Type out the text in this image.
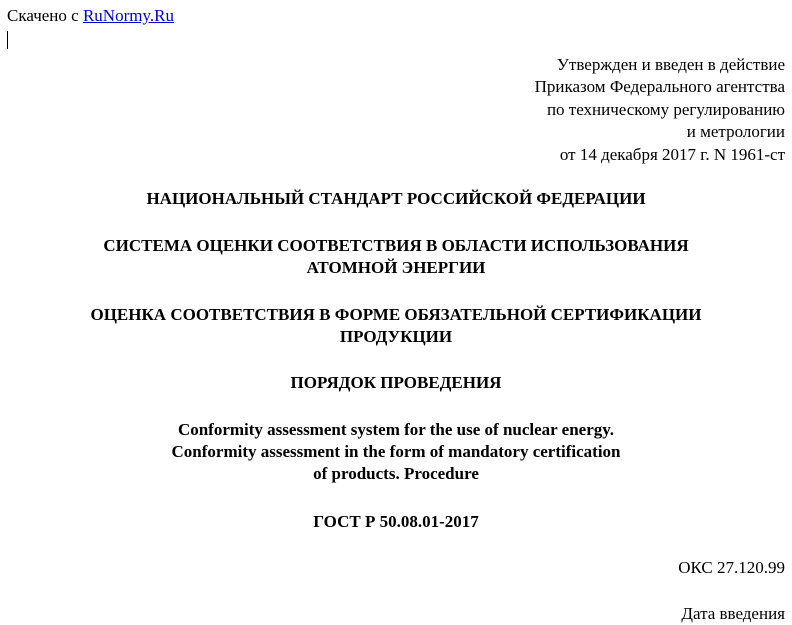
Скачено с RuNormy.Ru
Утвержден и введен в действие
Приказом Федерального агентства
по техническому регулированию
и метрологии
от 14 декабря 2017 г. N 1961-ст
НАЦИОНАЛЬНЫЙ СТАНДАРТ РОССИЙСКОЙ ФЕДЕРАЦИИ
СИСТЕМА ОЦЕНКИ СООТВЕТСТВИЯ В ОБЛАСТИ ИСПОЛЬЗОВАНИЯ
АТОМНОЙ ЭНЕРГИИ
ОЦЕНКА СООТВЕТСТВИЯ В ФОРМЕ ОБЯЗАТЕЛЬНОЙ СЕРТИФИКАЦИИ
ПРОДУКЦИИ
ПОРЯДОК ПРОВЕДЕНИЯ
Conformity assessment system for the use of nuclear energy.
Conformity assessment in the form of mandatory certification
of products. Procedure
ГОСТ Р 50.08.01-2017
ОКС 27.120.99
Дата введения
